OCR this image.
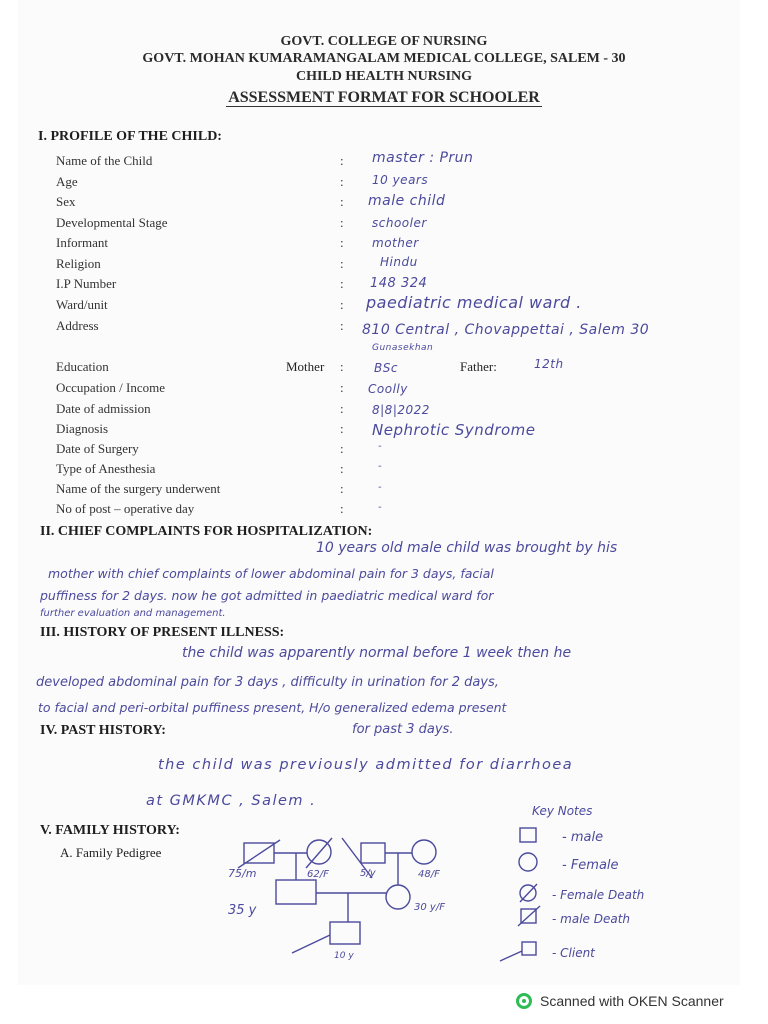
GOVT. COLLEGE OF NURSING
GOVT. MOHAN KUMARAMANGALAM MEDICAL COLLEGE, SALEM - 30
CHILD HEALTH NURSING
ASSESSMENT FORMAT FOR SCHOOLER
I. PROFILE OF THE CHILD:
Name of the Child	: master : Prun
Age	: 10 years
Sex	: male child
Developmental Stage	: schooler
Informant	: mother
Religion	:	Hindu
I.P Number	: 148 324
Ward/unit	: paediatric medical ward .
Address	: 810 Central , Chovappettai , Salem 30
Gunasekhan
Education	Mother :	BSc	Father:	12th
Occupation / Income	: Coolly
Date of admission	: 8|8|2022
Diagnosis	: Nephrotic Syndrome
Date of Surgery	:	-
Type of Anesthesia	:	-
Name of the surgery underwent	:	-
No of post – operative day	:	-
II. CHIEF COMPLAINTS FOR HOSPITALIZATION:
10 years old male child was brought by his
mother with chief complaints of lower abdominal pain for 3 days, facial
puffiness for 2 days. now he got admitted in paediatric medical ward for
further evaluation and management.
III. HISTORY OF PRESENT ILLNESS:
the child was apparently normal before 1 week then he
developed abdominal pain for 3 days , difficulty in urination for 2 days,
to facial and peri-orbital puffiness present, H/o generalized edema present
for past 3 days.
IV. PAST HISTORY:
the child was previously admitted for diarrhoea
at GMKMC , Salem .
V. FAMILY HISTORY:
A. Family Pedigree
75/m	62/F	5/y	48/F
35 y	30 y/F
10 y
Key Notes
- male
- Female
- Female Death
- male Death
- Client
Scanned with OKEN Scanner
